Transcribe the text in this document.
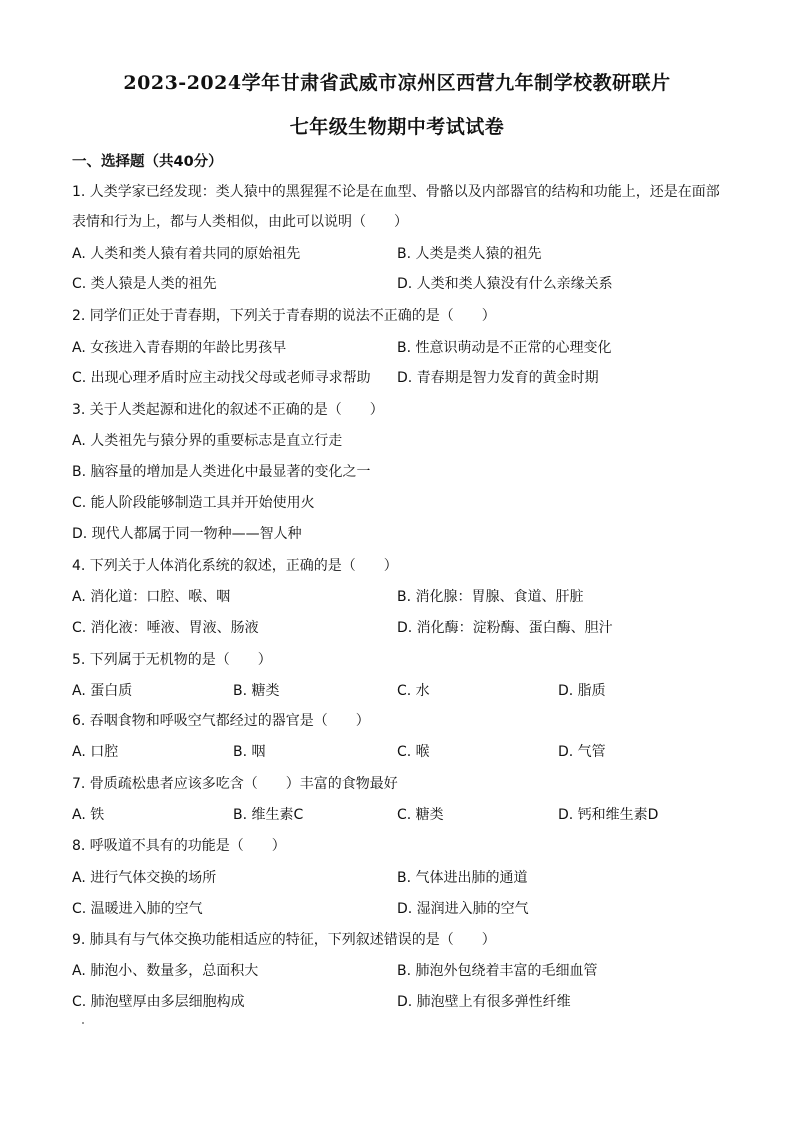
2023-2024学年甘肃省武威市凉州区西营九年制学校教研联片
七年级生物期中考试试卷
一、选择题（共40分）
1. 人类学家已经发现：类人猿中的黑猩猩不论是在血型、骨骼以及内部器官的结构和功能上，还是在面部
表情和行为上，都与人类相似，由此可以说明（　　）
A. 人类和类人猿有着共同的原始祖先	B. 人类是类人猿的祖先
C. 类人猿是人类的祖先	D. 人类和类人猿没有什么亲缘关系
2. 同学们正处于青春期，下列关于青春期的说法不正确的是（　　）
A. 女孩进入青春期的年龄比男孩早	B. 性意识萌动是不正常的心理变化
C. 出现心理矛盾时应主动找父母或老师寻求帮助 D. 青春期是智力发育的黄金时期
3. 关于人类起源和进化的叙述不正确的是（　　）
A. 人类祖先与猿分界的重要标志是直立行走
B. 脑容量的增加是人类进化中最显著的变化之一
C. 能人阶段能够制造工具并开始使用火
D. 现代人都属于同一物种——智人种
4. 下列关于人体消化系统的叙述，正确的是（　　）
A. 消化道：口腔、喉、咽	B. 消化腺：胃腺、食道、肝脏
C. 消化液：唾液、胃液、肠液	D. 消化酶：淀粉酶、蛋白酶、胆汁
5. 下列属于无机物的是（　　）
A. 蛋白质	B. 糖类	C. 水	D. 脂质
6. 吞咽食物和呼吸空气都经过的器官是（　　）
A. 口腔	B. 咽	C. 喉	D. 气管
7. 骨质疏松患者应该多吃含（　　）丰富的食物最好
A. 铁	B. 维生素C	C. 糖类	D. 钙和维生素D
8. 呼吸道不具有的功能是（　　）
A. 进行气体交换的场所	B. 气体进出肺的通道
C. 温暖进入肺的空气	D. 湿润进入肺的空气
9. 肺具有与气体交换功能相适应的特征，下列叙述错误的是（　　）
A. 肺泡小、数量多，总面积大	B. 肺泡外包绕着丰富的毛细血管
C. 肺泡壁厚由多层细胞构成	D. 肺泡壁上有很多弹性纤维
